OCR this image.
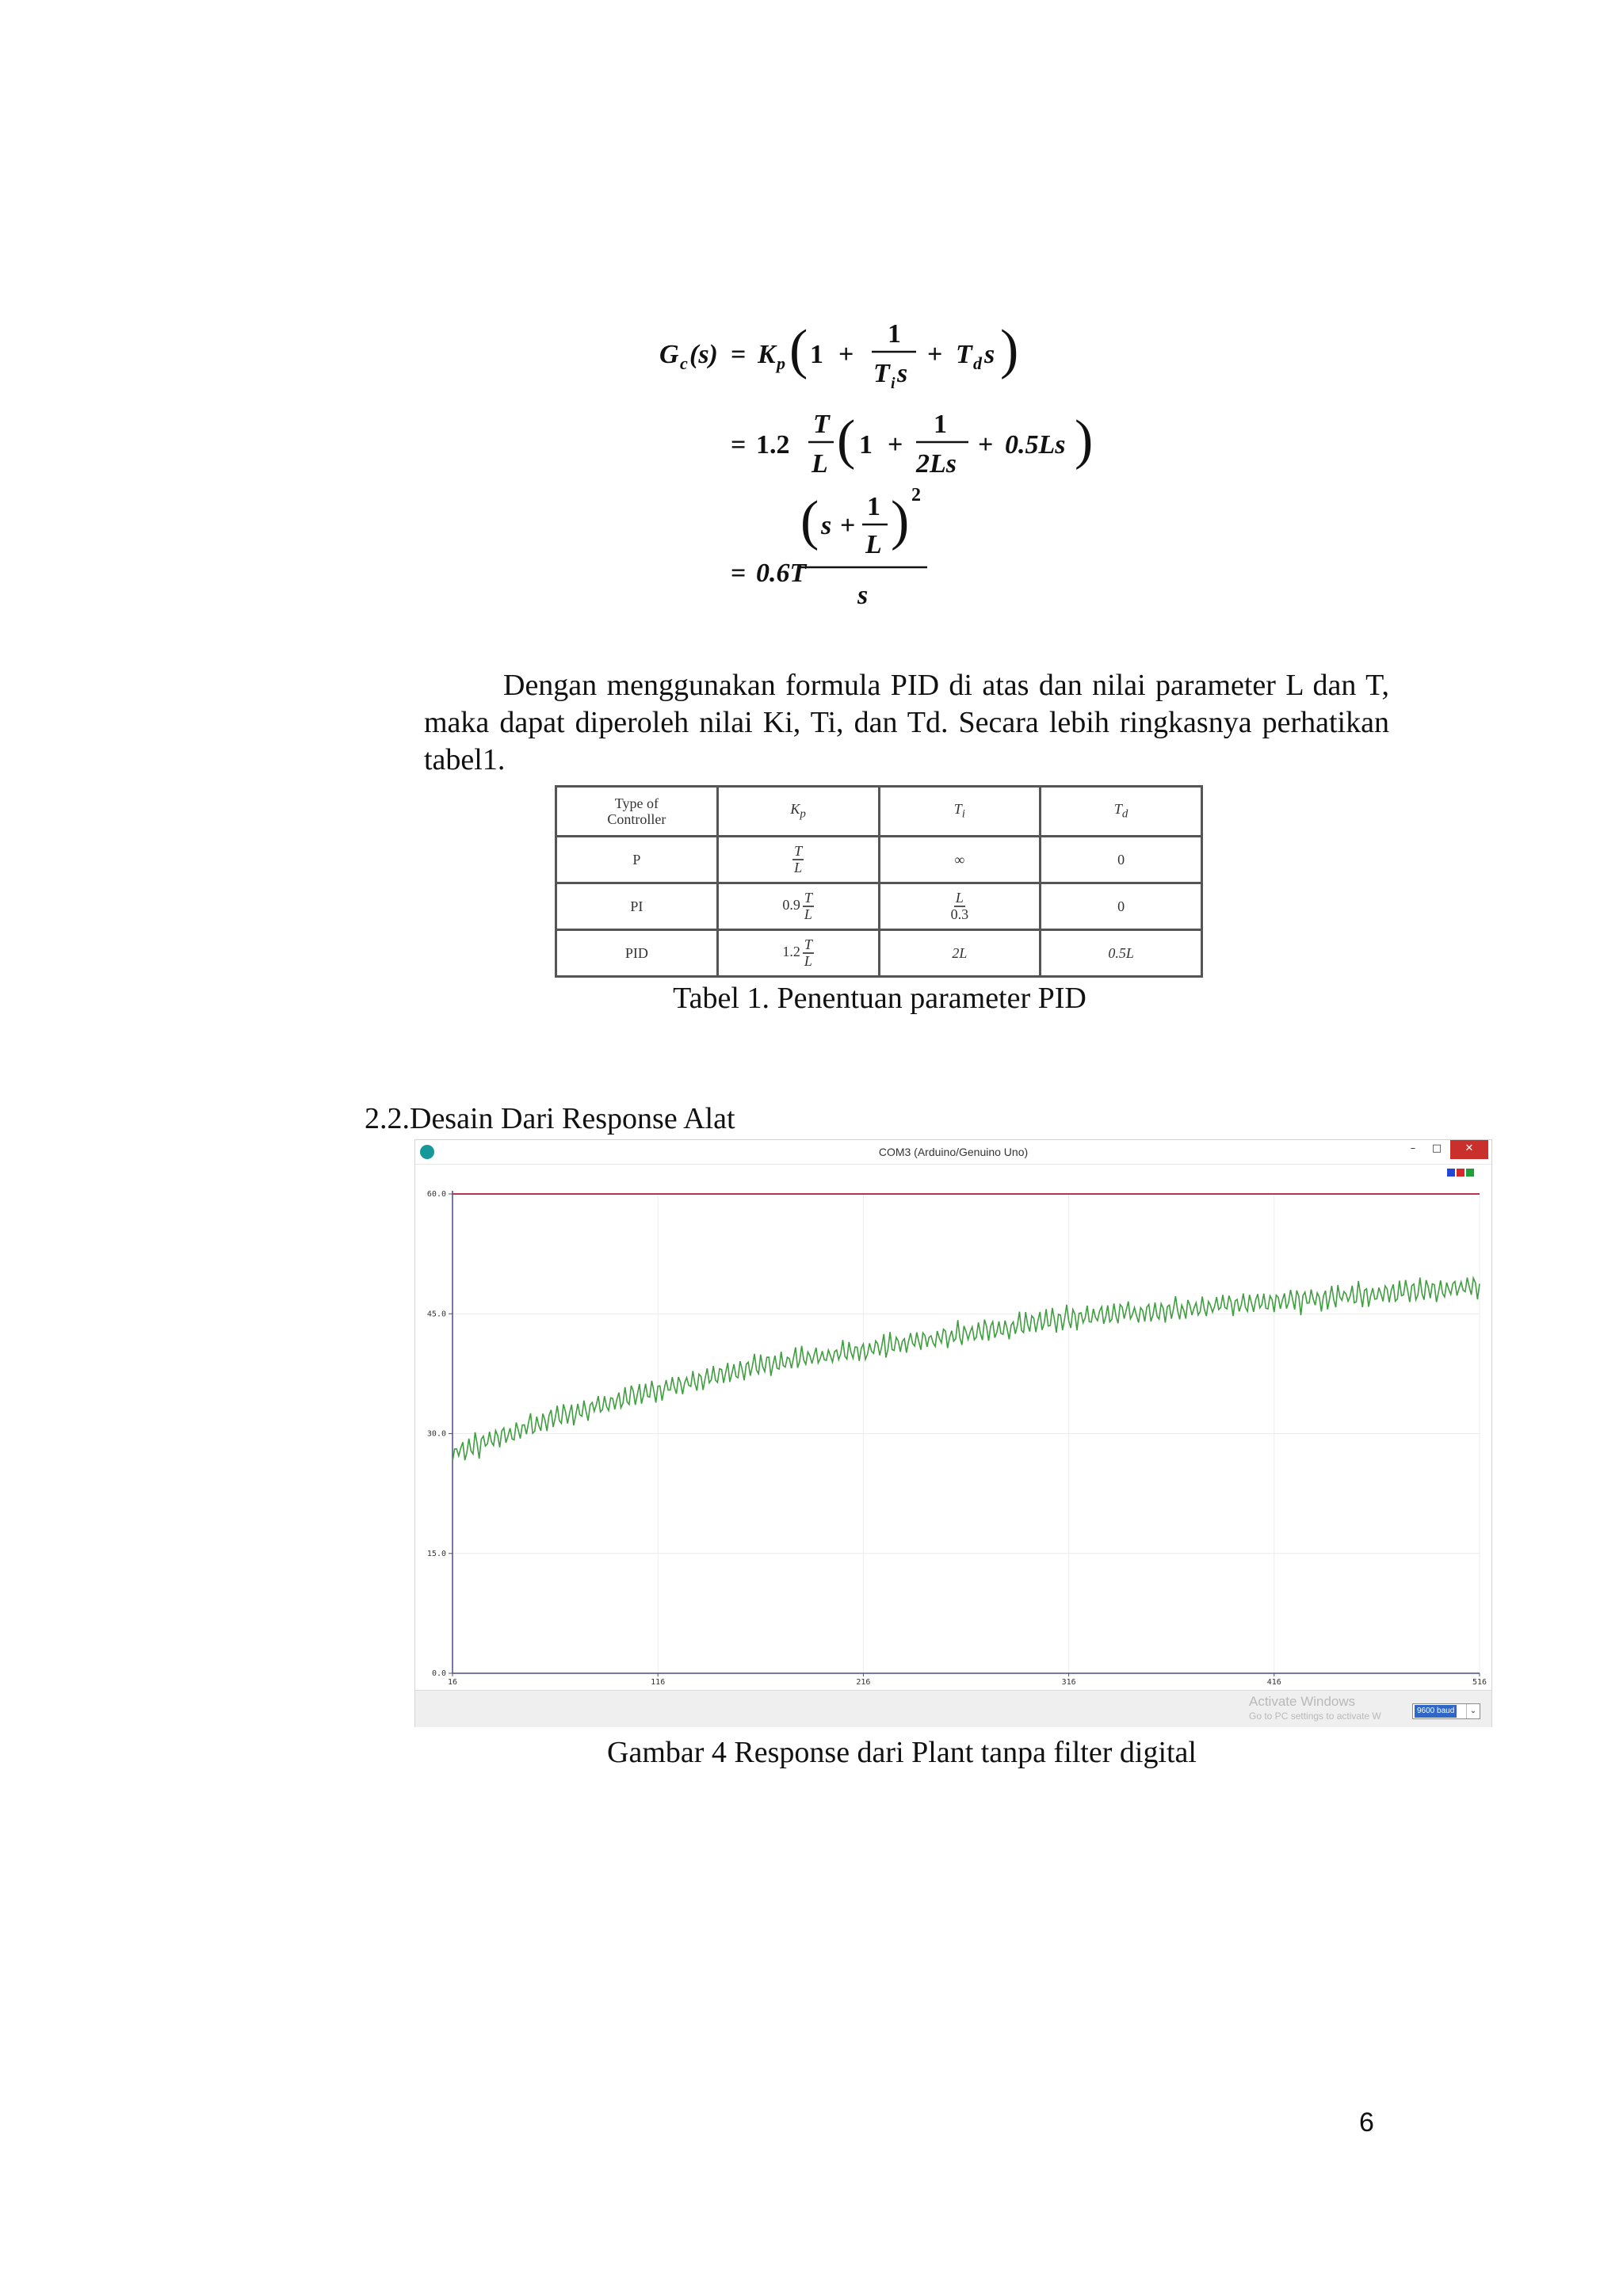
G c (s) = K p ( 1 +
1
T i s
+ T d s )
= 1.2
T
L ( 1 +
1
2Ls
+ 0.5Ls )
= 0.6T
( s +
1
L ) 2
s

Dengan menggunakan formula PID di atas dan nilai parameter L dan T, maka dapat diperoleh nilai Ki, Ti, dan Td. Secara lebih ringkasnya perhatikan tabel1.

Type of
Controller	$K_p$	$T_i$	$T_d$
P	$\frac{T}{L}$	∞	0
PI	$0.9 \frac{T}{L}$	$\frac{L}{0.3}$	0
PID	$1.2 \frac{T}{L}$	2L	0.5L
Tabel 1. Penentuan parameter PID
2.2.Desain Dari Response Alat
COM3 (Arduino/Genuino Uno)	–	□	✕
0.0
15.0
30.0
45.0
60.0
16	116	216	316	416	516
Activate Windows
Go to PC settings to activate W	9600 baud	⌄
Gambar 4 Response dari Plant tanpa filter digital
6
